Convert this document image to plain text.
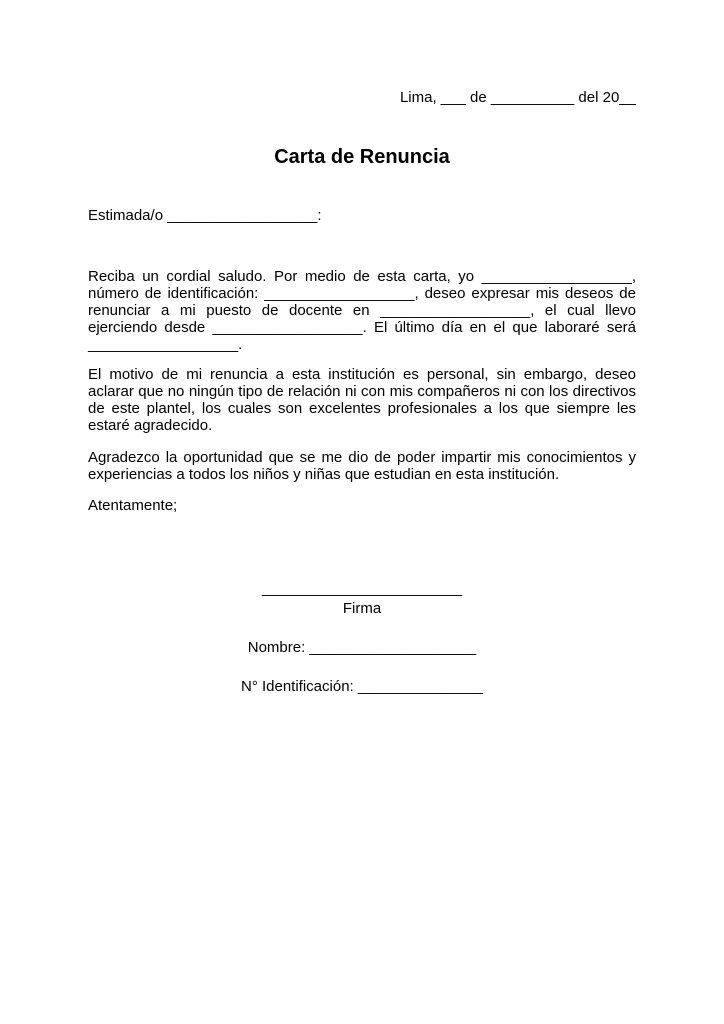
Lima, ___ de __________ del 20__
Carta de Renuncia
Estimada/o __________________:

Reciba un cordial saludo. Por medio de esta carta, yo __________________, número de identificación: __________________, deseo expresar mis deseos de renunciar a mi puesto de docente en __________________, el cual llevo ejerciendo desde __________________. El último día en el que laboraré será __________________.

El motivo de mi renuncia a esta institución es personal, sin embargo, deseo aclarar que no ningún tipo de relación ni con mis compañeros ni con los directivos de este plantel, los cuales son excelentes profesionales a los que siempre les estaré agradecido.

Agradezco la oportunidad que se me dio de poder impartir mis conocimientos y experiencias a todos los niños y niñas que estudian en esta institución.

Atentamente;
________________________
Firma
Nombre: ____________________
N° Identificación: _______________
